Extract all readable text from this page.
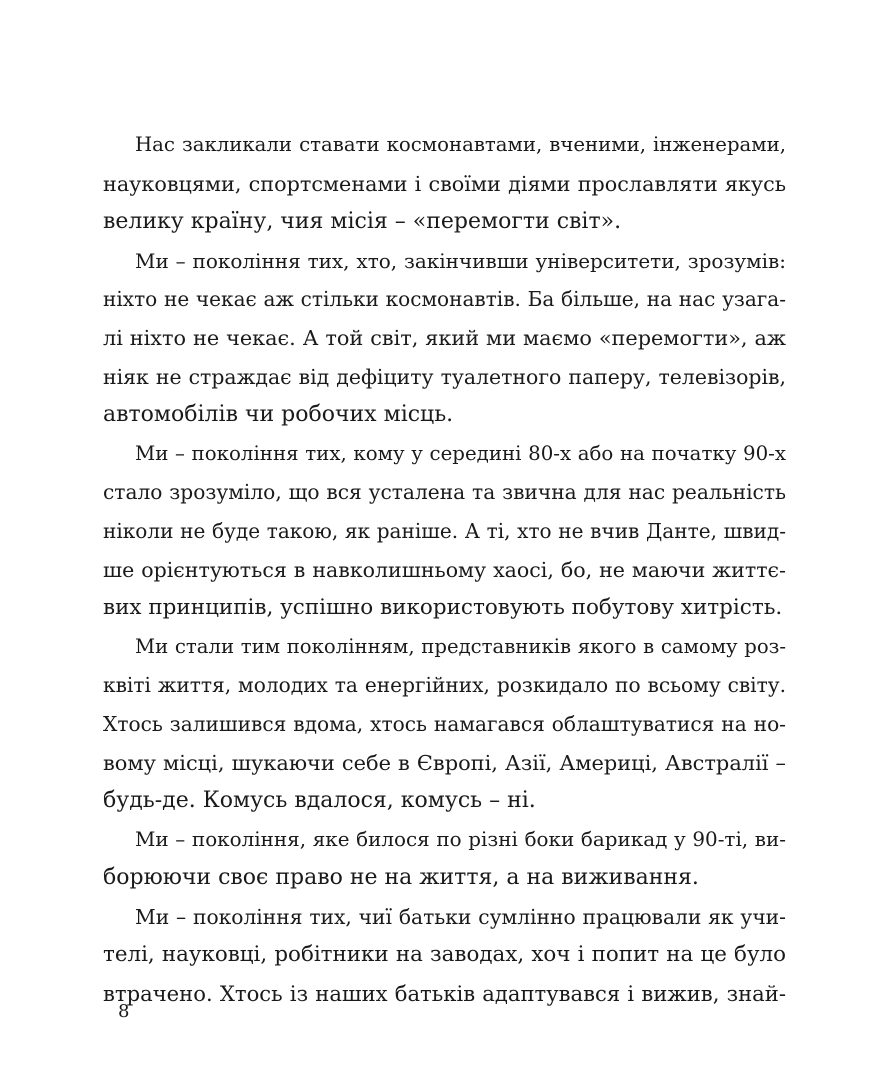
Нас закликали ставати космонавтами, вченими, інженерами,
науковцями, спортсменами і своїми діями прославляти якусь
велику країну, чия місія – «перемогти світ».

Ми – покоління тих, хто, закінчивши університети, зрозумів:
ніхто не чекає аж стільки космонавтів. Ба більше, на нас узага-
лі ніхто не чекає. А той світ, який ми маємо «перемогти», аж
ніяк не страждає від дефіциту туалетного паперу, телевізорів,
автомобілів чи робочих місць.

Ми – покоління тих, кому у середині 80-х або на початку 90-х
стало зрозуміло, що вся усталена та звична для нас реальність
ніколи не буде такою, як раніше. А ті, хто не вчив Данте, швид-
ше орієнтуються в навколишньому хаосі, бо, не маючи життє-
вих принципів, успішно використовують побутову хитрість.

Ми стали тим поколінням, представників якого в самому роз-
квіті життя, молодих та енергійних, розкидало по всьому світу.
Хтось залишився вдома, хтось намагався облаштуватися на но-
вому місці, шукаючи себе в Європі, Азії, Америці, Австралії –
будь-де. Комусь вдалося, комусь – ні.

Ми – покоління, яке билося по різні боки барикад у 90-ті, ви-
борюючи своє право не на життя, а на виживання.

Ми – покоління тих, чиї батьки сумлінно працювали як учи-
телі, науковці, робітники на заводах, хоч і попит на це було
втрачено. Хтось із наших батьків адаптувався і вижив, знай-

8
